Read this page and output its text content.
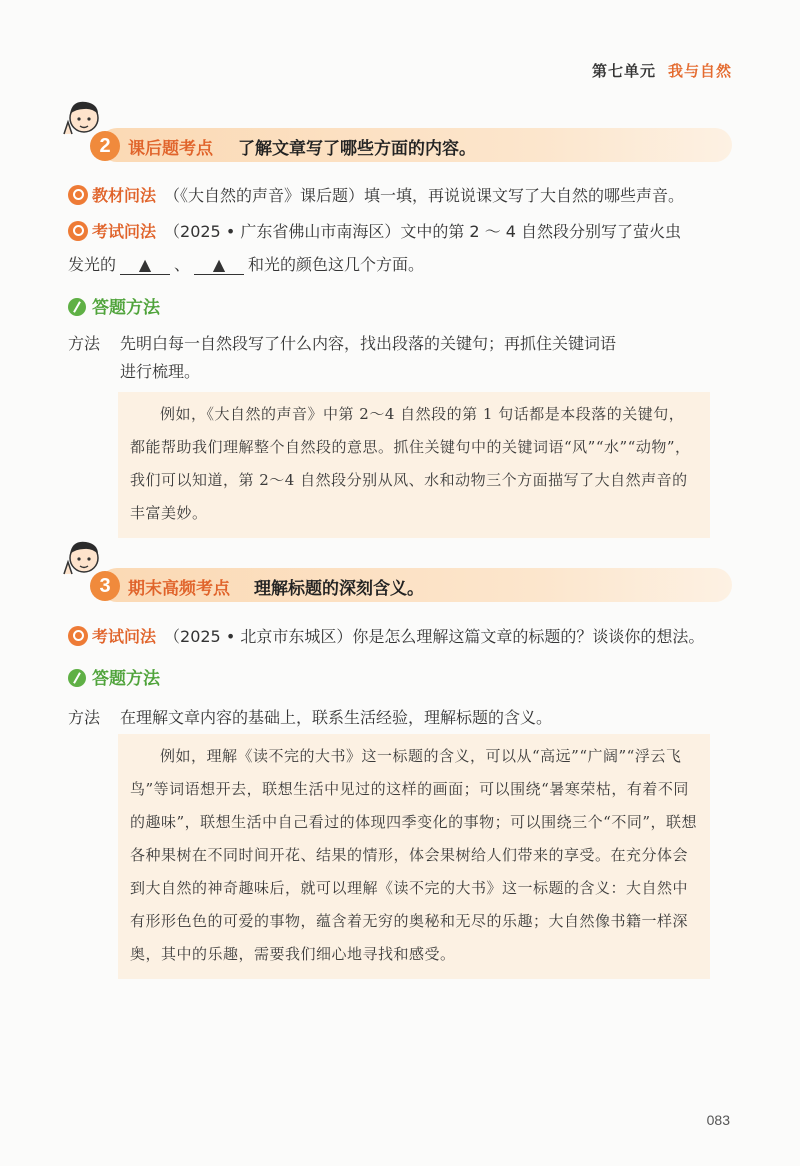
第七单元 我与自然
2	课后题考点 了解文章写了哪些方面的内容。
教材问法 （《大自然的声音》课后题）填一填，再说说课文写了大自然的哪些声音。
考试问法 （2025 • 广东省佛山市南海区）文中的第 2 ～ 4 自然段分别写了萤火虫
发光的 ▲ 、 ▲ 和光的颜色这几个方面。
答题方法
方法 先明白每一自然段写了什么内容，找出段落的关键句；再抓住关键词语
进行梳理。
例如，《大自然的声音》中第 2～4 自然段的第 1 句话都是本段落的关键句，都能帮助我们理解整个自然段的意思。抓住关键句中的关键词语“风”“水”“动物”，我们可以知道，第 2～4 自然段分别从风、水和动物三个方面描写了大自然声音的丰富美妙。
3	期末高频考点 理解标题的深刻含义。
考试问法 （2025 • 北京市东城区）你是怎么理解这篇文章的标题的？谈谈你的想法。
答题方法
方法 在理解文章内容的基础上，联系生活经验，理解标题的含义。
例如，理解《读不完的大书》这一标题的含义，可以从“高远”“广阔”“浮云飞鸟”等词语想开去，联想生活中见过的这样的画面；可以围绕“暑寒荣枯，有着不同的趣味”，联想生活中自己看过的体现四季变化的事物；可以围绕三个“不同”，联想各种果树在不同时间开花、结果的情形，体会果树给人们带来的享受。在充分体会到大自然的神奇趣味后，就可以理解《读不完的大书》这一标题的含义：大自然中有形形色色的可爱的事物，蕴含着无穷的奥秘和无尽的乐趣；大自然像书籍一样深奥，其中的乐趣，需要我们细心地寻找和感受。
083
